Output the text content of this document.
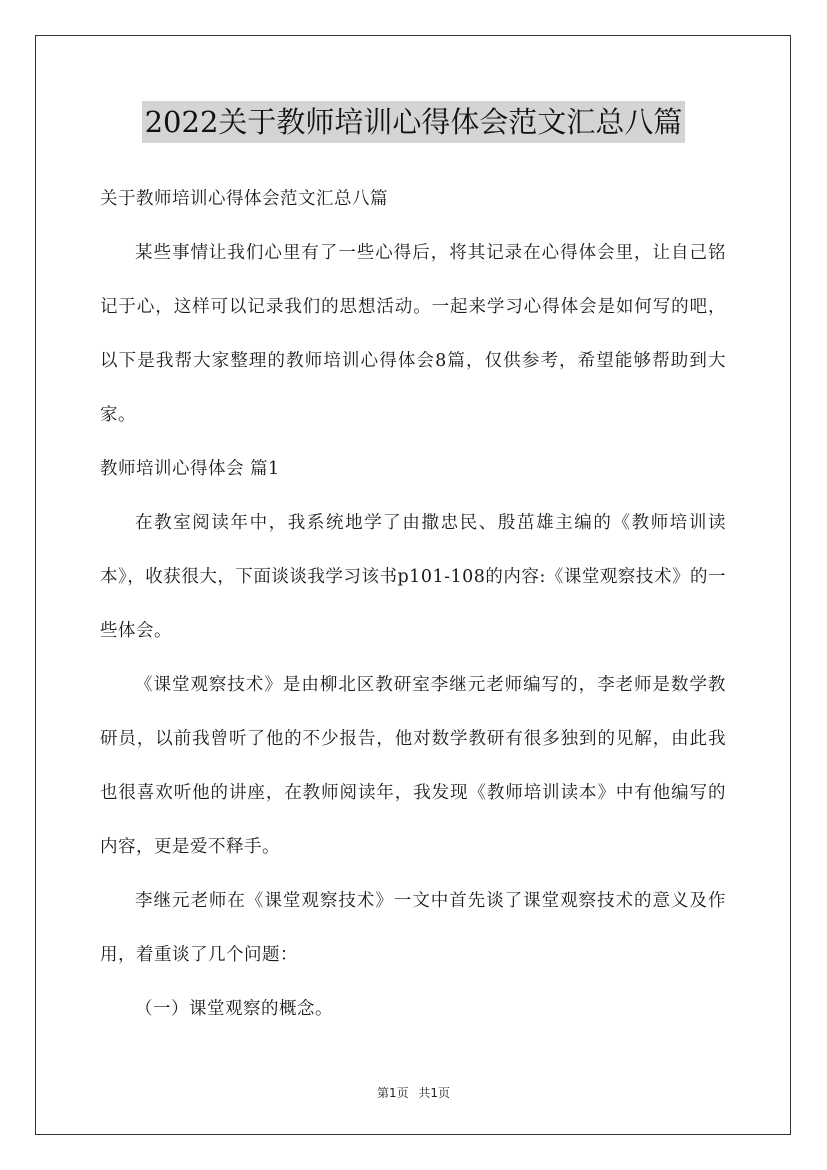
2022关于教师培训心得体会范文汇总八篇

关于教师培训心得体会范文汇总八篇

某些事情让我们心里有了一些心得后，将其记录在心得体会里，让自己铭记于心，这样可以记录我们的思想活动。一起来学习心得体会是如何写的吧，以下是我帮大家整理的教师培训心得体会8篇，仅供参考，希望能够帮助到大家。

教师培训心得体会 篇1

在教室阅读年中，我系统地学了由撒忠民、殷茁雄主编的《教师培训读本》，收获很大，下面谈谈我学习该书p101-108的内容:《课堂观察技术》的一些体会。

《课堂观察技术》是由柳北区教研室李继元老师编写的，李老师是数学教研员，以前我曾听了他的不少报告，他对数学教研有很多独到的见解，由此我也很喜欢听他的讲座，在教师阅读年，我发现《教师培训读本》中有他编写的内容，更是爱不释手。

李继元老师在《课堂观察技术》一文中首先谈了课堂观察技术的意义及作用，着重谈了几个问题：

（一）课堂观察的概念。

第1页 共1页
